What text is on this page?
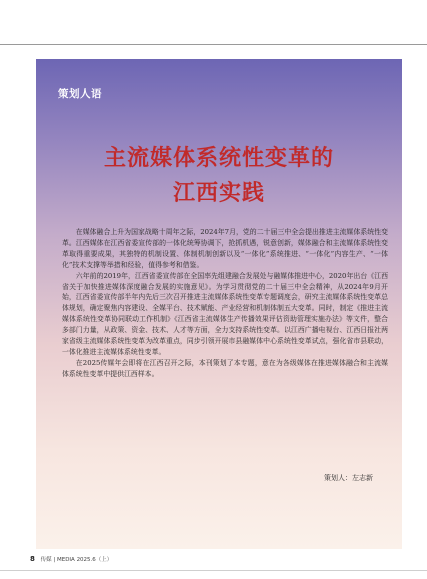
策划人语
主流媒体系统性变革的
江西实践

在媒体融合上升为国家战略十周年之际，2024年7月，党的二十届三中全会提出推进主流媒体系统性变革。江西媒体在江西省委宣传部的一体化统筹协调下，抢抓机遇，锐意创新，媒体融合和主流媒体系统性变革取得重要成果，其独特的机制设置、体制机制创新以及“一体化”系统推进、“一体化”内容生产、“一体化”技术支撑等举措和经验，值得参考和借鉴。

六年前的2019年，江西省委宣传部在全国率先组建融合发展处与融媒体推进中心，2020年出台《江西省关于加快推进媒体深度融合发展的实施意见》。为学习贯彻党的二十届三中全会精神，从2024年9月开始，江西省委宣传部半年内先后三次召开推进主流媒体系统性变革专题调度会，研究主流媒体系统性变革总体规划，确定聚焦内容建设、全媒平台、技术赋能、产业经营和机制体制五大变革。同时，制定《推进主流媒体系统性变革协同联动工作机制》《江西省主流媒体生产传播效果评估资助管理实施办法》等文件，整合多部门力量，从政策、资金、技术、人才等方面，全力支持系统性变革。以江西广播电视台、江西日报社两家省级主流媒体系统性变革为改革重点，同步引领开展市县融媒体中心系统性变革试点，强化省市县联动，一体化推进主流媒体系统性变革。

在2025传媒年会即将在江西召开之际，本刊策划了本专题，意在为各级媒体在推进媒体融合和主流媒体系统性变革中提供江西样本。

策划人：左志新
8 传媒 | MEDIA 2025.6（上）
